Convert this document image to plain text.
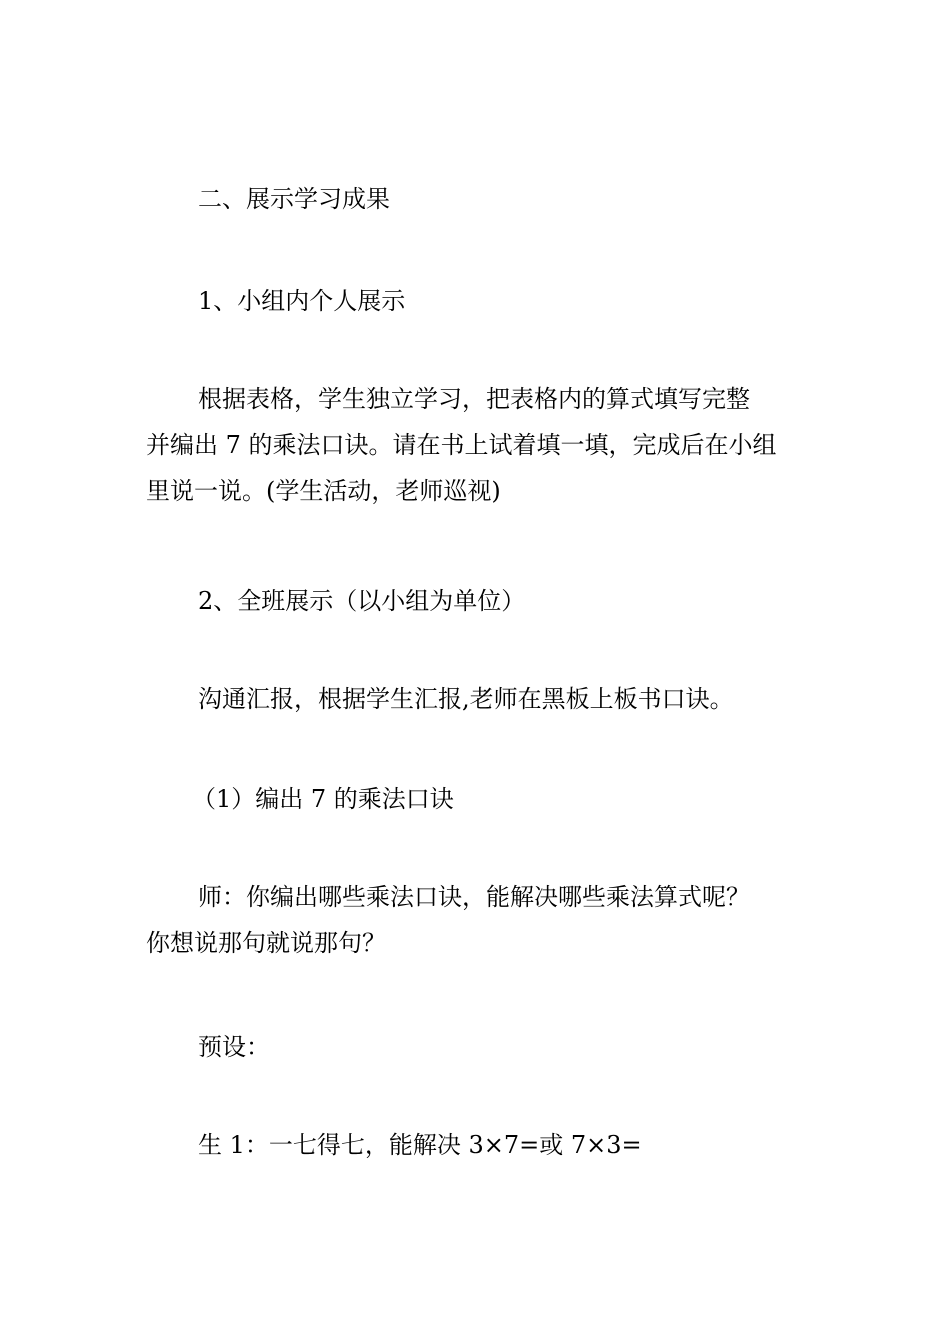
二、展示学习成果

1、小组内个人展示

根据表格，学生独立学习，把表格内的算式填写完整
并编出 7 的乘法口诀。请在书上试着填一填，完成后在小组
里说一说。(学生活动，老师巡视)

2、全班展示（以小组为单位）

沟通汇报，根据学生汇报,老师在黑板上板书口诀。

（1）编出 7 的乘法口诀

师：你编出哪些乘法口诀，能解决哪些乘法算式呢？
你想说那句就说那句？

预设：

生 1：一七得七，能解决 3×7=或 7×3=
